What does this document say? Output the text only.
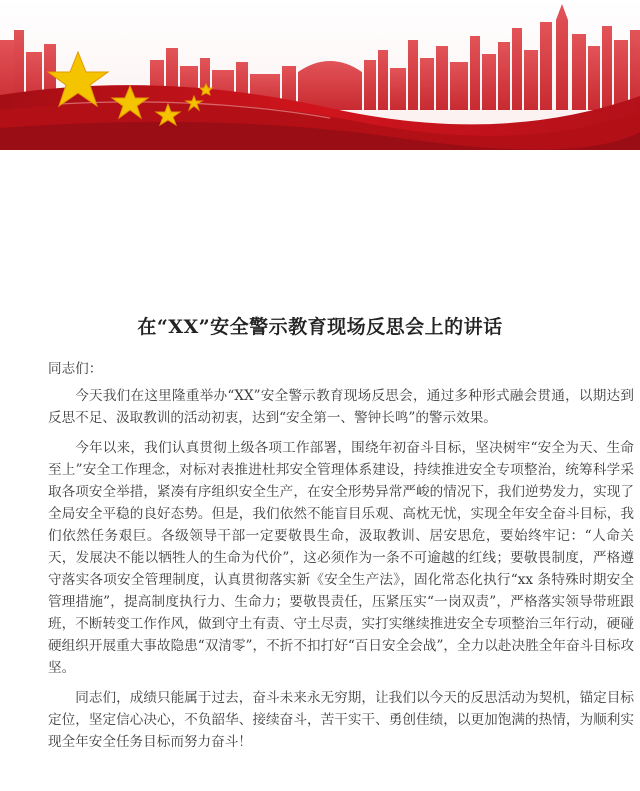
在“XX”安全警示教育现场反思会上的讲话

同志们：

今天我们在这里隆重举办“XX”安全警示教育现场反思会，通过多种形式融会贯通，以期达到反思不足、汲取教训的活动初衷，达到“安全第一、警钟长鸣”的警示效果。

今年以来，我们认真贯彻上级各项工作部署，围绕年初奋斗目标，坚决树牢“安全为天、生命至上”安全工作理念，对标对表推进杜邦安全管理体系建设，持续推进安全专项整治，统筹科学采取各项安全举措，紧凑有序组织安全生产，在安全形势异常严峻的情况下，我们逆势发力，实现了全局安全平稳的良好态势。但是，我们依然不能盲目乐观、高枕无忧，实现全年安全奋斗目标，我们依然任务艰巨。各级领导干部一定要敬畏生命，汲取教训、居安思危，要始终牢记：“人命关天，发展决不能以牺牲人的生命为代价”，这必须作为一条不可逾越的红线；要敬畏制度，严格遵守落实各项安全管理制度，认真贯彻落实新《安全生产法》，固化常态化执行“xx 条特殊时期安全管理措施”，提高制度执行力、生命力；要敬畏责任，压紧压实“一岗双责”，严格落实领导带班跟班，不断转变工作作风，做到守土有责、守土尽责，实打实继续推进安全专项整治三年行动，硬碰硬组织开展重大事故隐患“双清零”，不折不扣打好“百日安全会战”，全力以赴决胜全年奋斗目标攻坚。

同志们，成绩只能属于过去，奋斗未来永无穷期，让我们以今天的反思活动为契机，锚定目标定位，坚定信心决心，不负韶华、接续奋斗，苦干实干、勇创佳绩，以更加饱满的热情，为顺利实现全年安全任务目标而努力奋斗！
